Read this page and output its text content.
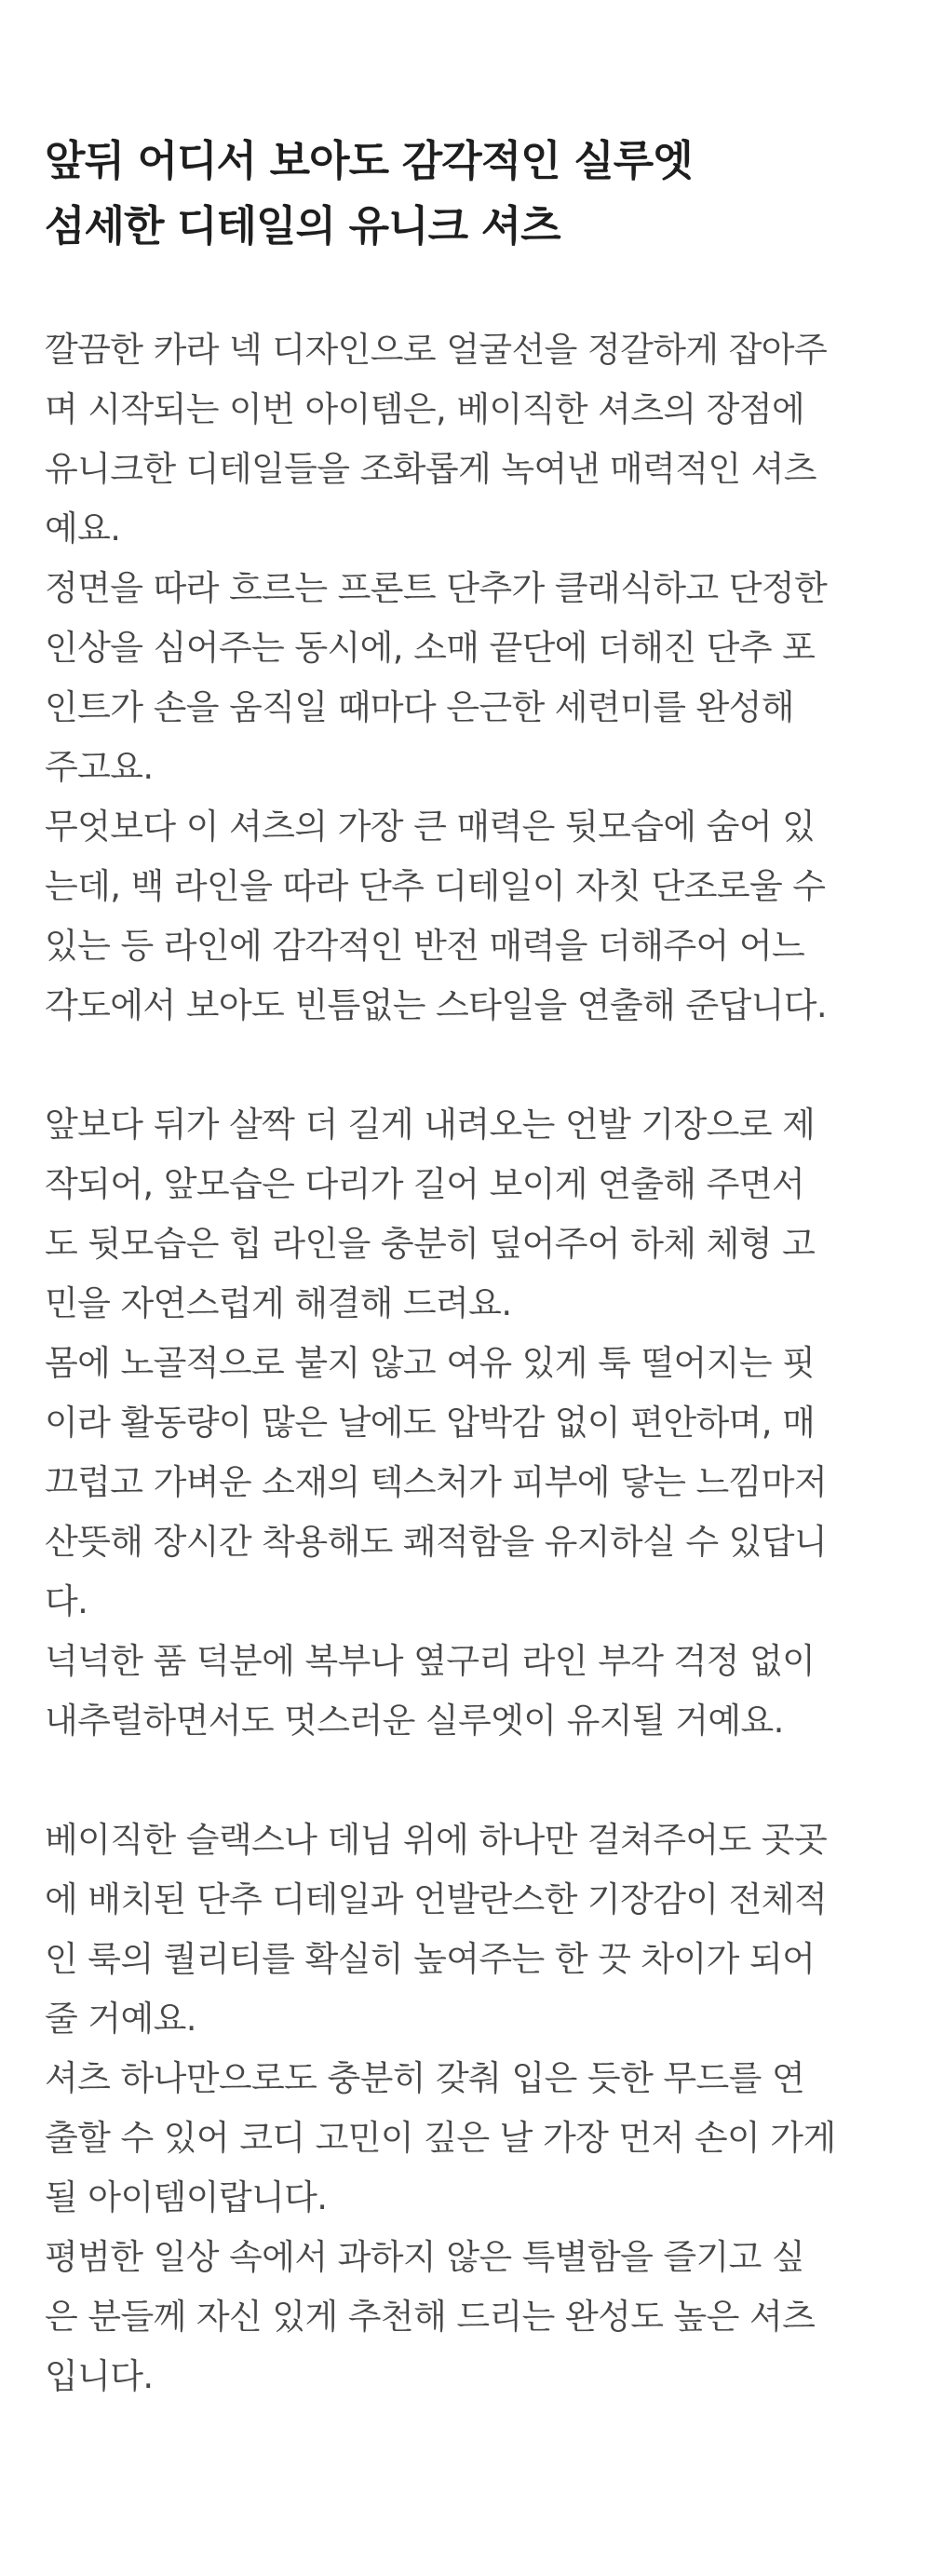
앞뒤 어디서 보아도 감각적인 실루엣
섬세한 디테일의 유니크 셔츠

깔끔한 카라 넥 디자인으로 얼굴선을 정갈하게 잡아주
며 시작되는 이번 아이템은, 베이직한 셔츠의 장점에
유니크한 디테일들을 조화롭게 녹여낸 매력적인 셔츠
예요.

정면을 따라 흐르는 프론트 단추가 클래식하고 단정한
인상을 심어주는 동시에, 소매 끝단에 더해진 단추 포
인트가 손을 움직일 때마다 은근한 세련미를 완성해
주고요.

무엇보다 이 셔츠의 가장 큰 매력은 뒷모습에 숨어 있
는데, 백 라인을 따라 단추 디테일이 자칫 단조로울 수
있는 등 라인에 감각적인 반전 매력을 더해주어 어느
각도에서 보아도 빈틈없는 스타일을 연출해 준답니다.

앞보다 뒤가 살짝 더 길게 내려오는 언발 기장으로 제
작되어, 앞모습은 다리가 길어 보이게 연출해 주면서
도 뒷모습은 힙 라인을 충분히 덮어주어 하체 체형 고
민을 자연스럽게 해결해 드려요.

몸에 노골적으로 붙지 않고 여유 있게 툭 떨어지는 핏
이라 활동량이 많은 날에도 압박감 없이 편안하며, 매
끄럽고 가벼운 소재의 텍스처가 피부에 닿는 느낌마저
산뜻해 장시간 착용해도 쾌적함을 유지하실 수 있답니
다.

넉넉한 품 덕분에 복부나 옆구리 라인 부각 걱정 없이
내추럴하면서도 멋스러운 실루엣이 유지될 거예요.

베이직한 슬랙스나 데님 위에 하나만 걸쳐주어도 곳곳
에 배치된 단추 디테일과 언발란스한 기장감이 전체적
인 룩의 퀄리티를 확실히 높여주는 한 끗 차이가 되어
줄 거예요.

셔츠 하나만으로도 충분히 갖춰 입은 듯한 무드를 연
출할 수 있어 코디 고민이 깊은 날 가장 먼저 손이 가게
될 아이템이랍니다.

평범한 일상 속에서 과하지 않은 특별함을 즐기고 싶
은 분들께 자신 있게 추천해 드리는 완성도 높은 셔츠
입니다.
